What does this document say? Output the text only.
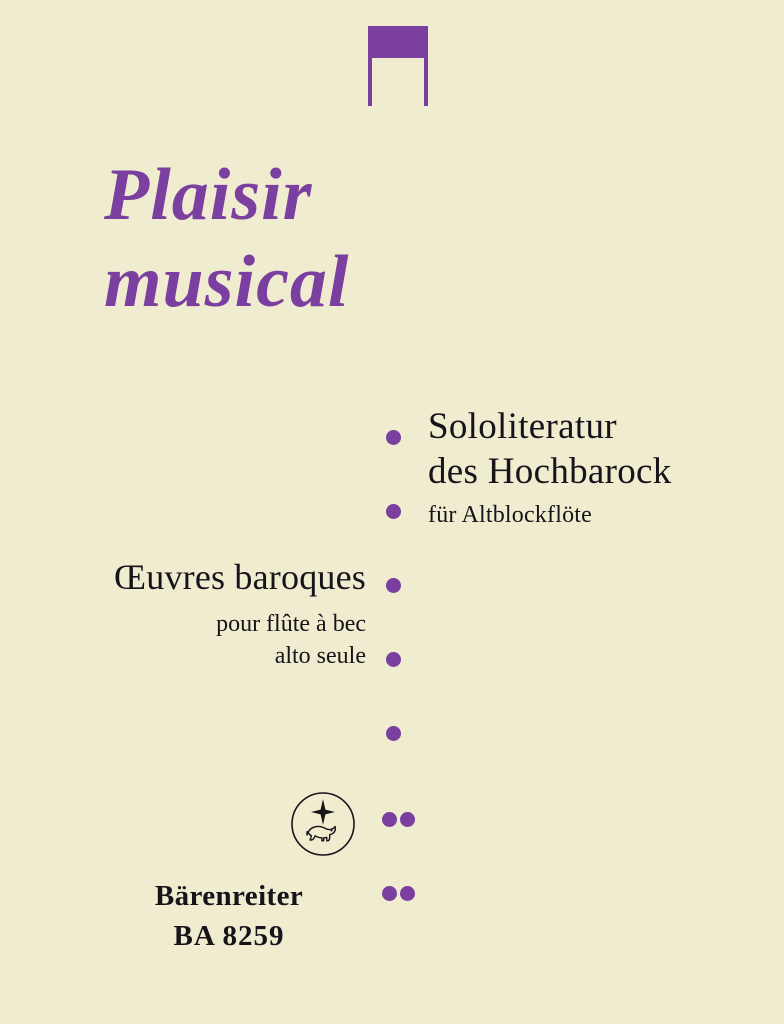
Plaisir
musical
Sololiteratur
des Hochbarock
für Altblockflöte
Œuvres baroques
pour flûte à bec
alto seule
Bärenreiter
BA 8259
